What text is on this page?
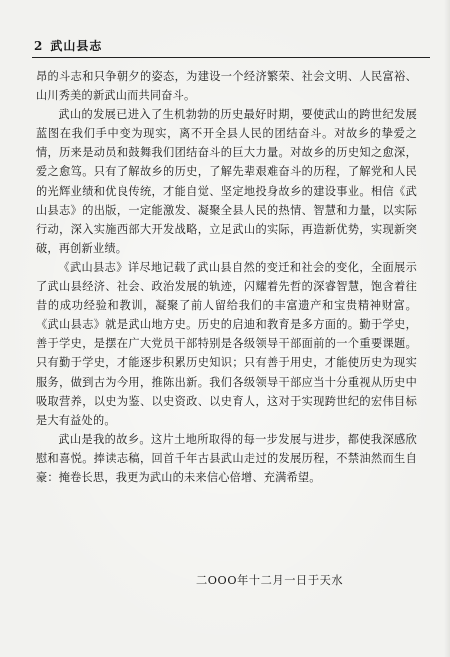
2 武山县志

昂的斗志和只争朝夕的姿态，为建设一个经济繁荣、社会文明、人民富裕、山川秀美的新武山而共同奋斗。

武山的发展已进入了生机勃勃的历史最好时期，要使武山的跨世纪发展蓝图在我们手中变为现实，离不开全县人民的团结奋斗。对故乡的挚爱之情，历来是动员和鼓舞我们团结奋斗的巨大力量。对故乡的历史知之愈深，爱之愈笃。只有了解故乡的历史，了解先辈艰难奋斗的历程，了解党和人民的光辉业绩和优良传统，才能自觉、坚定地投身故乡的建设事业。相信《武山县志》的出版，一定能激发、凝聚全县人民的热情、智慧和力量，以实际行动，深入实施西部大开发战略，立足武山的实际，再造新优势，实现新突破，再创新业绩。

《武山县志》详尽地记载了武山县自然的变迁和社会的变化，全面展示了武山县经济、社会、政治发展的轨迹，闪耀着先哲的深睿智慧，饱含着往昔的成功经验和教训，凝聚了前人留给我们的丰富遗产和宝贵精神财富。《武山县志》就是武山地方史。历史的启迪和教育是多方面的。勤于学史，善于学史，是摆在广大党员干部特别是各级领导干部面前的一个重要课题。只有勤于学史，才能逐步积累历史知识；只有善于用史，才能使历史为现实服务，做到古为今用，推陈出新。我们各级领导干部应当十分重视从历史中吸取营养，以史为鉴、以史资政、以史育人，这对于实现跨世纪的宏伟目标是大有益处的。

武山是我的故乡。这片土地所取得的每一步发展与进步，都使我深感欣慰和喜悦。捧读志稿，回首千年古县武山走过的发展历程，不禁油然而生自豪：掩卷长思，我更为武山的未来信心倍增、充满希望。

二ΟΟΟ年十二月一日于天水
